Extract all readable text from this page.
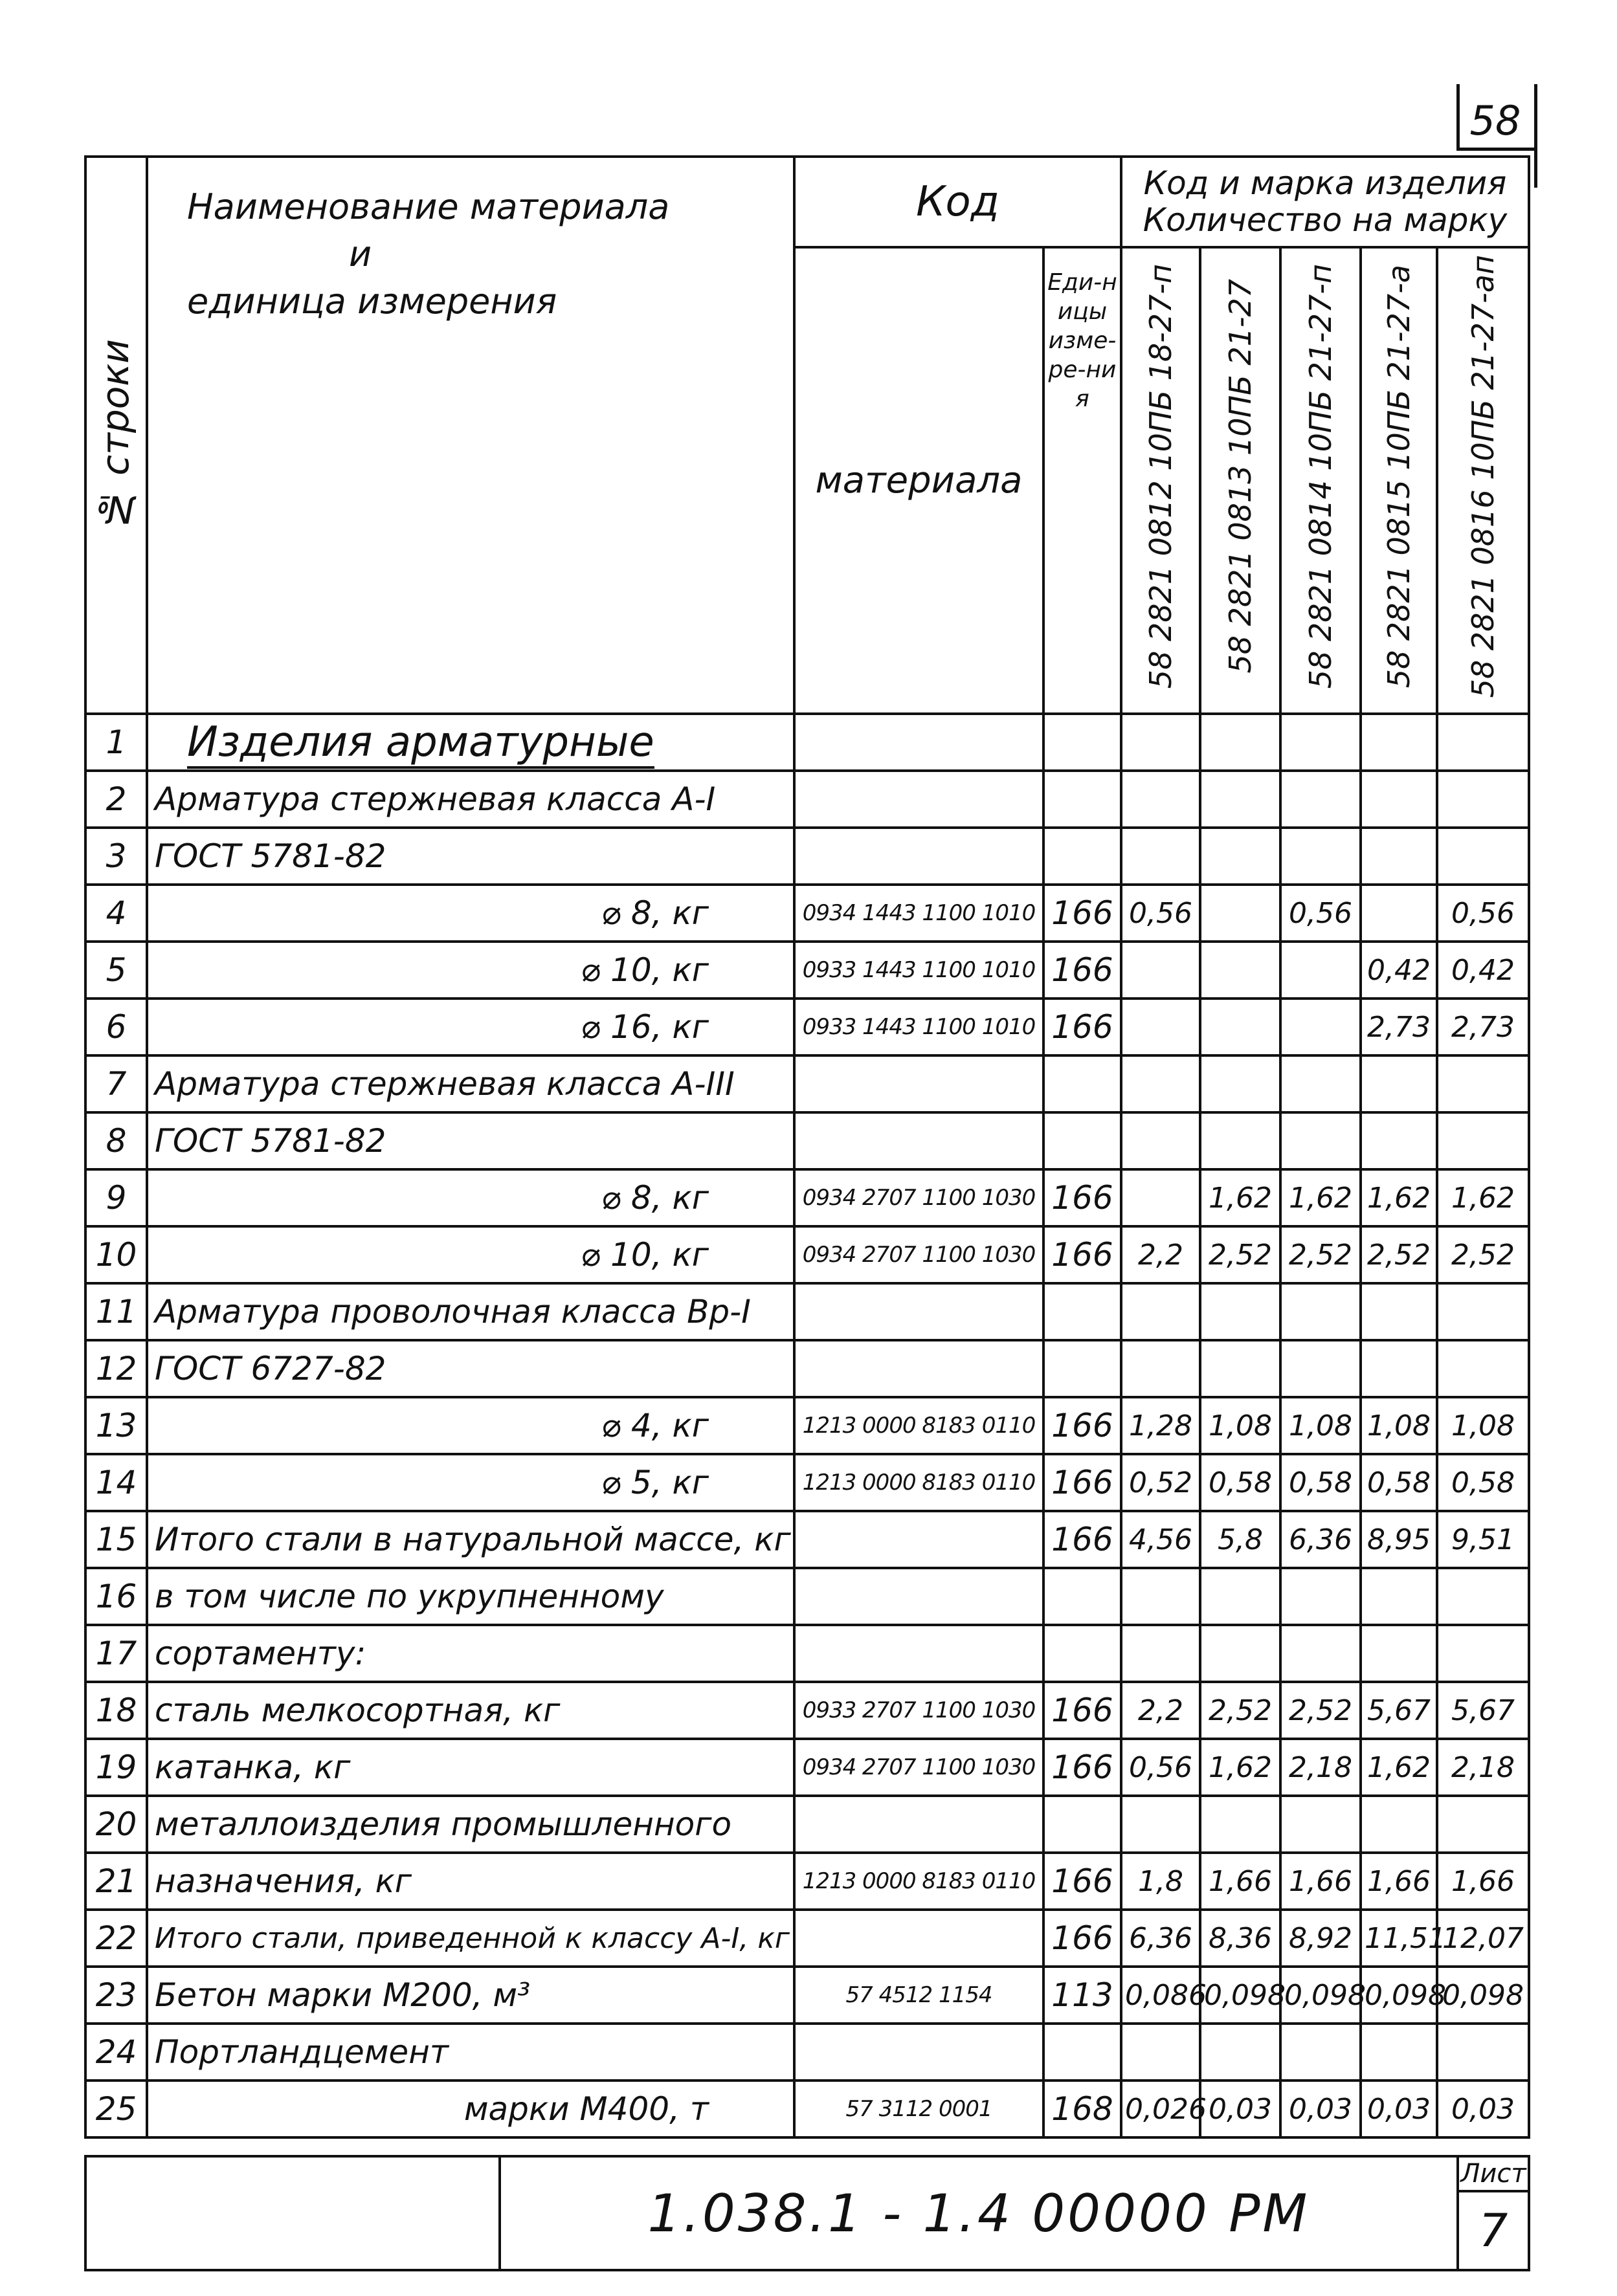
58
№ строки	Наименование материала
и
единица измерения	Код		Код и марка изделия Количество на марку				
		материала	Еди-ницы изме-ре-ния	58 2821 0812 10ПБ 18-27-п	58 2821 0813 10ПБ 21-27	58 2821 0814 10ПБ 21-27-п	58 2821 0815 10ПБ 21-27-а	58 2821 0816 10ПБ 21-27-ап
1	Изделия арматурные							
2	Арматура стержневая класса А-I							
3	ГОСТ 5781-82							
4	⌀ 8, кг	0934 1443 1100 1010	166	0,56		0,56		0,56
5	⌀ 10, кг	0933 1443 1100 1010	166				0,42	0,42
6	⌀ 16, кг	0933 1443 1100 1010	166				2,73	2,73
7	Арматура стержневая класса А-III							
8	ГОСТ 5781-82							
9	⌀ 8, кг	0934 2707 1100 1030	166		1,62	1,62	1,62	1,62
10	⌀ 10, кг	0934 2707 1100 1030	166	2,2	2,52	2,52	2,52	2,52
11	Арматура проволочная класса Вр-I							
12	ГОСТ 6727-82							
13	⌀ 4, кг	1213 0000 8183 0110	166	1,28	1,08	1,08	1,08	1,08
14	⌀ 5, кг	1213 0000 8183 0110	166	0,52	0,58	0,58	0,58	0,58
15	Итого стали в натуральной массе, кг		166	4,56	5,8	6,36	8,95	9,51
16	в том числе по укрупненному							
17	сортаменту:							
18	сталь мелкосортная, кг	0933 2707 1100 1030	166	2,2	2,52	2,52	5,67	5,67
19	катанка, кг	0934 2707 1100 1030	166	0,56	1,62	2,18	1,62	2,18
20	металлоизделия промышленного							
21	назначения, кг	1213 0000 8183 0110	166	1,8	1,66	1,66	1,66	1,66
22	Итого стали, приведенной к классу А-I, кг		166	6,36	8,36	8,92	11,51	12,07
23	Бетон марки М200, м³	57 4512 1154	113	0,086	0,098	0,098	0,098	0,098
24	Портландцемент							
25	марки М400, т	57 3112 0001	168	0,026	0,03	0,03	0,03	0,03
	1.038.1 - 1.4 00000 РМ	Лист
7
